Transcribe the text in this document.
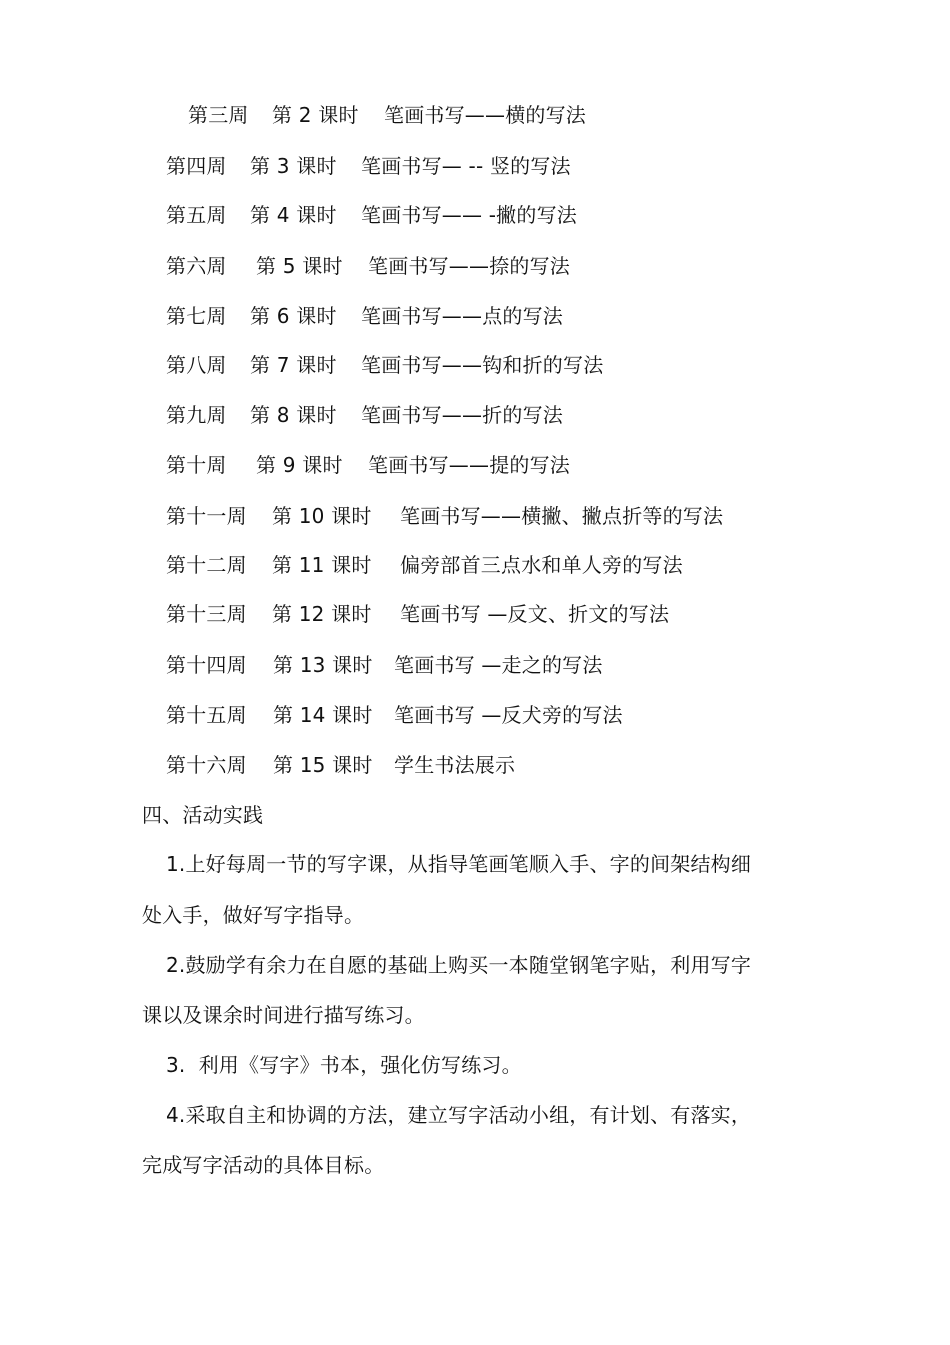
第三周

第 2 课时

笔画书写——横的写法

第四周

第 3 课时

笔画书写— -- 竖的写法

第五周

第 4 课时

笔画书写—— -撇的写法

第六周

第 5 课时

笔画书写——捺的写法

第七周

第 6 课时

笔画书写——点的写法

第八周

第 7 课时

笔画书写——钩和折的写法

第九周

第 8 课时

笔画书写——折的写法

第十周

第 9 课时

笔画书写——提的写法

第十一周

第 10 课时

笔画书写——横撇、撇点折等的写法

第十二周

第 11 课时

偏旁部首三点水和单人旁的写法

第十三周

第 12 课时

笔画书写 —反文、折文的写法

第十四周

第 13 课时

笔画书写 —走之的写法

第十五周

第 14 课时

笔画书写 —反犬旁的写法

第十六周

第 15 课时

学生书法展示

四、活动实践
1.上好每周一节的写字课，从指导笔画笔顺入手、字的间架结构细
处入手，做好写字指导。
2.鼓励学有余力在自愿的基础上购买一本随堂钢笔字贴，利用写字
课以及课余时间进行描写练习。
3.  利用《写字》书本，强化仿写练习。
4.采取自主和协调的方法，建立写字活动小组，有计划、有落实，
完成写字活动的具体目标。
